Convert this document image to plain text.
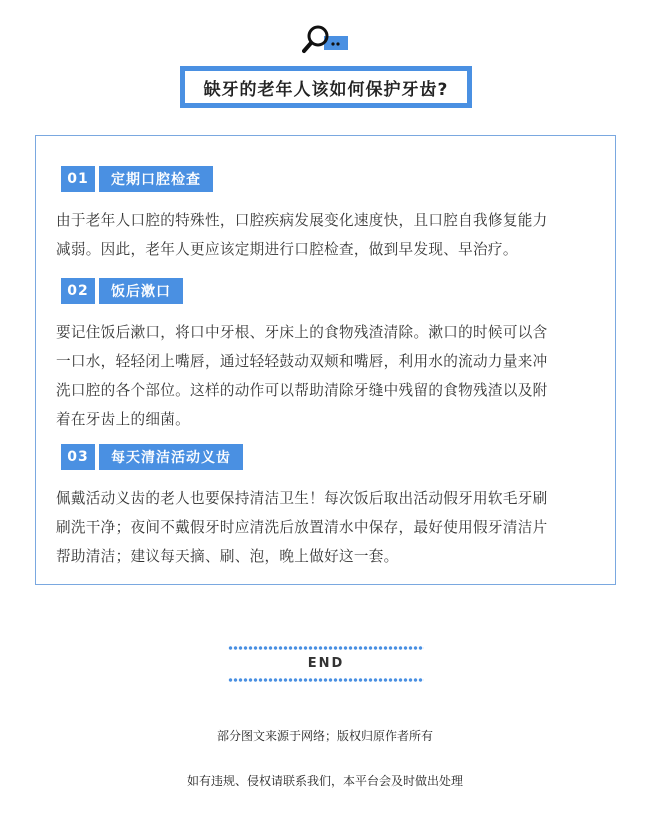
缺牙的老年人该如何保护牙齿?
01	定期口腔检查
由于老年人口腔的特殊性，口腔疾病发展变化速度快，且口腔自我修复能力
减弱。因此，老年人更应该定期进行口腔检查，做到早发现、早治疗。
02	饭后漱口
要记住饭后漱口，将口中牙根、牙床上的食物残渣清除。漱口的时候可以含
一口水，轻轻闭上嘴唇，通过轻轻鼓动双颊和嘴唇，利用水的流动力量来冲
洗口腔的各个部位。这样的动作可以帮助清除牙缝中残留的食物残渣以及附
着在牙齿上的细菌。
03	每天清洁活动义齿
佩戴活动义齿的老人也要保持清洁卫生！每次饭后取出活动假牙用软毛牙刷
刷洗干净；夜间不戴假牙时应清洗后放置清水中保存，最好使用假牙清洁片
帮助清洁；建议每天摘、刷、泡，晚上做好这一套。
END
部分图文来源于网络；版权归原作者所有
如有违规、侵权请联系我们，本平台会及时做出处理
